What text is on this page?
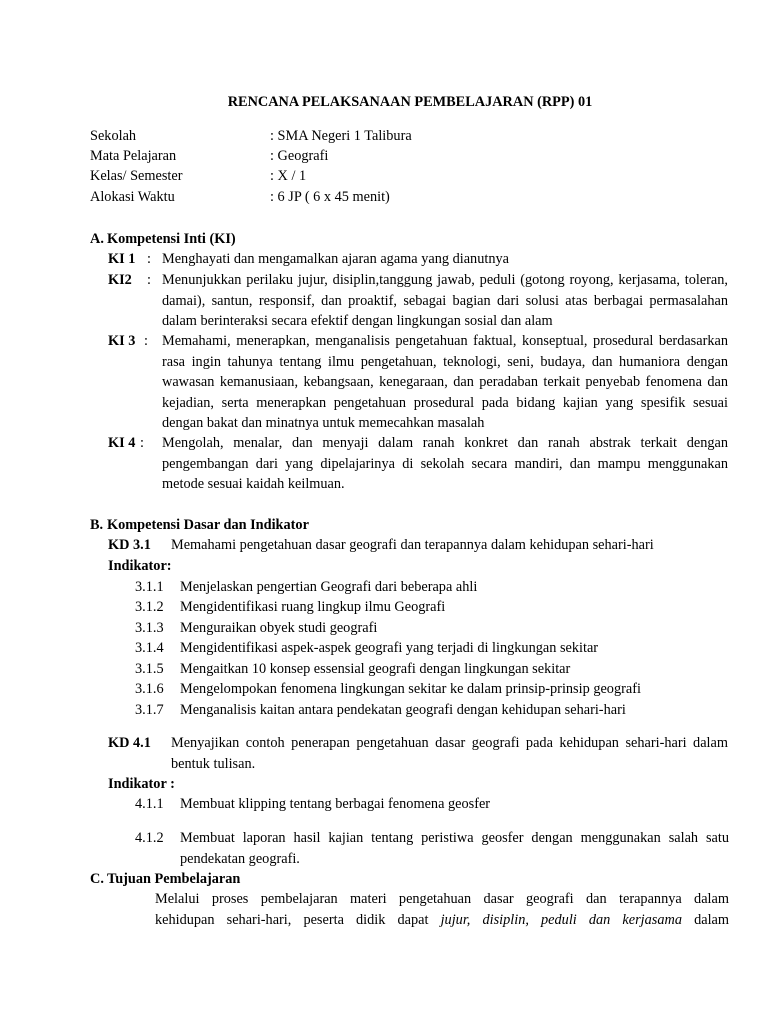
RENCANA PELAKSANAAN PEMBELAJARAN (RPP) 01
Sekolah	: SMA Negeri 1 Talibura
Mata Pelajaran	: Geografi
Kelas/ Semester	: X / 1
Alokasi Waktu	: 6 JP ( 6 x 45 menit)
A. Kompetensi Inti (KI)
KI 1 : Menghayati dan mengamalkan ajaran agama yang dianutnya
KI2 : Menunjukkan perilaku jujur, disiplin,tanggung jawab, peduli (gotong royong, kerjasama, toleran, damai), santun, responsif, dan proaktif, sebagai bagian dari solusi atas berbagai permasalahan dalam berinteraksi secara efektif dengan lingkungan sosial dan alam
KI 3 : Memahami, menerapkan, menganalisis pengetahuan faktual, konseptual, prosedural berdasarkan rasa ingin tahunya tentang ilmu pengetahuan, teknologi, seni, budaya, dan humaniora dengan wawasan kemanusiaan, kebangsaan, kenegaraan, dan peradaban terkait penyebab fenomena dan kejadian, serta menerapkan pengetahuan prosedural pada bidang kajian yang spesifik sesuai dengan bakat dan minatnya untuk memecahkan masalah
KI 4 : Mengolah, menalar, dan menyaji dalam ranah konkret dan ranah abstrak terkait dengan pengembangan dari yang dipelajarinya di sekolah secara mandiri, dan mampu menggunakan metode sesuai kaidah keilmuan.
B. Kompetensi Dasar dan Indikator
KD 3.1 Memahami pengetahuan dasar geografi dan terapannya dalam kehidupan sehari-hari
Indikator:
3.1.1 Menjelaskan pengertian Geografi dari beberapa ahli
3.1.2 Mengidentifikasi ruang lingkup ilmu Geografi
3.1.3 Menguraikan obyek studi geografi
3.1.4 Mengidentifikasi aspek-aspek geografi yang terjadi di lingkungan sekitar
3.1.5 Mengaitkan 10 konsep essensial geografi dengan lingkungan sekitar
3.1.6 Mengelompokan fenomena lingkungan sekitar ke dalam prinsip-prinsip geografi
3.1.7 Menganalisis kaitan antara pendekatan geografi dengan kehidupan sehari-hari
KD 4.1 Menyajikan contoh penerapan pengetahuan dasar geografi pada kehidupan sehari-hari dalam bentuk tulisan.
Indikator :
4.1.1 Membuat klipping tentang berbagai fenomena geosfer
4.1.2 Membuat laporan hasil kajian tentang peristiwa geosfer dengan menggunakan salah satu pendekatan geografi.
C. Tujuan Pembelajaran
Melalui proses pembelajaran materi pengetahuan dasar geografi dan terapannya dalam
kehidupan sehari-hari, peserta didik dapat jujur, disiplin, peduli dan kerjasama dalam
